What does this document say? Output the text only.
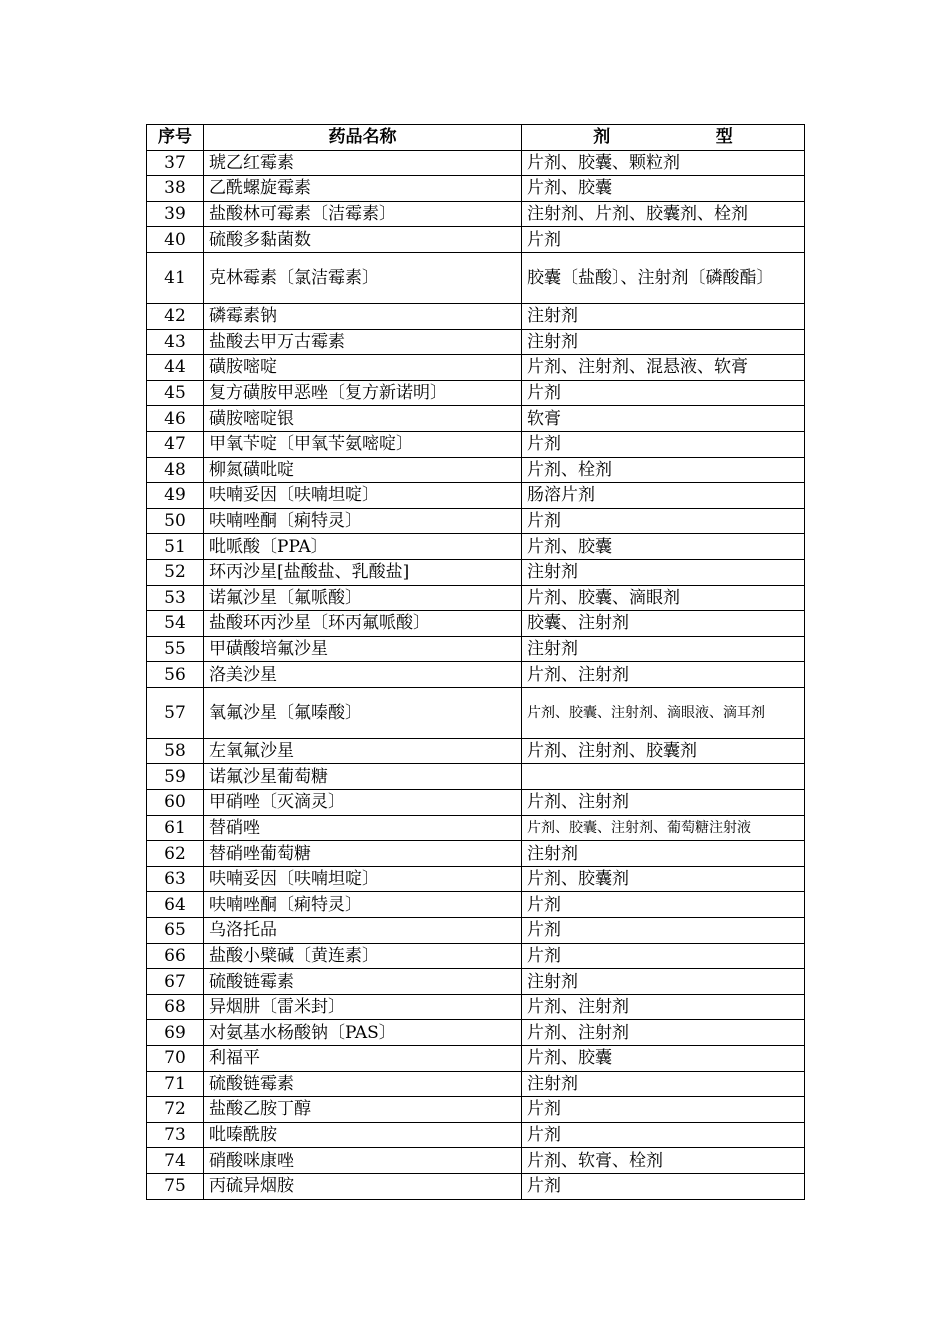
序号	药品名称	剂　　型
37	琥乙红霉素	片剂、胶囊、颗粒剂
38	乙酰螺旋霉素	片剂、胶囊
39	盐酸林可霉素〔洁霉素〕	注射剂、片剂、胶囊剂、栓剂
40	硫酸多黏菌数	片剂
41	克林霉素〔氯洁霉素〕	胶囊〔盐酸〕、注射剂〔磷酸酯〕
42	磷霉素钠	注射剂
43	盐酸去甲万古霉素	注射剂
44	磺胺嘧啶	片剂、注射剂、混悬液、软膏
45	复方磺胺甲恶唑〔复方新诺明〕	片剂
46	磺胺嘧啶银	软膏
47	甲氧苄啶〔甲氧苄氨嘧啶〕	片剂
48	柳氮磺吡啶	片剂、栓剂
49	呋喃妥因〔呋喃坦啶〕	肠溶片剂
50	呋喃唑酮〔痢特灵〕	片剂
51	吡哌酸〔PPA〕	片剂、胶囊
52	环丙沙星[盐酸盐、乳酸盐]	注射剂
53	诺氟沙星〔氟哌酸〕	片剂、胶囊、滴眼剂
54	盐酸环丙沙星〔环丙氟哌酸〕	胶囊、注射剂
55	甲磺酸培氟沙星	注射剂
56	洛美沙星	片剂、注射剂
57	氧氟沙星〔氟嗪酸〕	片剂、胶囊、注射剂、滴眼液、滴耳剂
58	左氧氟沙星	片剂、注射剂、胶囊剂
59	诺氟沙星葡萄糖	
60	甲硝唑〔灭滴灵〕	片剂、注射剂
61	替硝唑	片剂、胶囊、注射剂、葡萄糖注射液
62	替硝唑葡萄糖	注射剂
63	呋喃妥因〔呋喃坦啶〕	片剂、胶囊剂
64	呋喃唑酮〔痢特灵〕	片剂
65	乌洛托品	片剂
66	盐酸小檗碱〔黄连素〕	片剂
67	硫酸链霉素	注射剂
68	异烟肼〔雷米封〕	片剂、注射剂
69	对氨基水杨酸钠〔PAS〕	片剂、注射剂
70	利福平	片剂、胶囊
71	硫酸链霉素	注射剂
72	盐酸乙胺丁醇	片剂
73	吡嗪酰胺	片剂
74	硝酸咪康唑	片剂、软膏、栓剂
75	丙硫异烟胺	片剂
